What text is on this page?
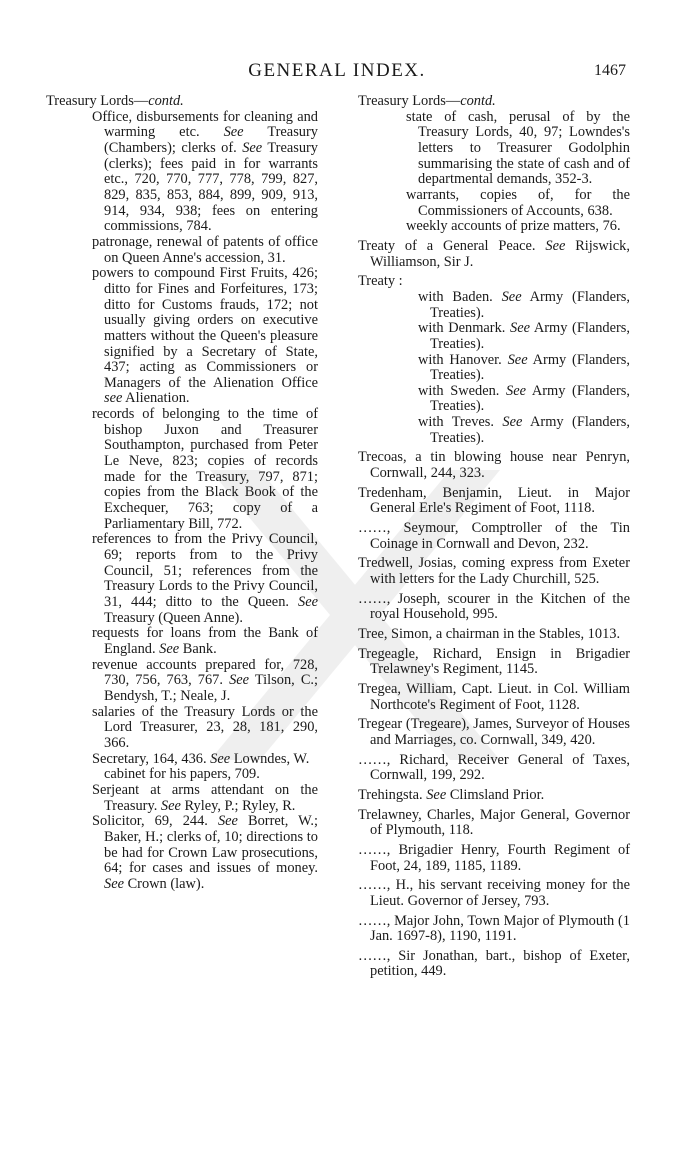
GENERAL INDEX.	1467

Treasury Lords—contd.

Office, disbursements for cleaning and warming etc. See Treasury (Chambers); clerks of. See Treasury (clerks); fees paid in for warrants etc., 720, 770, 777, 778, 799, 827, 829, 835, 853, 884, 899, 909, 913, 914, 934, 938; fees on entering commissions, 784.

patronage, renewal of patents of office on Queen Anne's accession, 31.

powers to compound First Fruits, 426; ditto for Fines and Forfeitures, 173; ditto for Customs frauds, 172; not usually giving orders on executive matters without the Queen's pleasure signified by a Secretary of State, 437; acting as Commissioners or Managers of the Alienation Office see Alienation.

records of belonging to the time of bishop Juxon and Treasurer Southampton, purchased from Peter Le Neve, 823; copies of records made for the Treasury, 797, 871; copies from the Black Book of the Exchequer, 763; copy of a Parliamentary Bill, 772.

references to from the Privy Council, 69; reports from to the Privy Council, 51; references from the Treasury Lords to the Privy Council, 31, 444; ditto to the Queen. See Treasury (Queen Anne).

requests for loans from the Bank of England. See Bank.

revenue accounts prepared for, 728, 730, 756, 763, 767. See Tilson, C.; Bendysh, T.; Neale, J.

salaries of the Treasury Lords or the Lord Treasurer, 23, 28, 181, 290, 366.

Secretary, 164, 436. See Lowndes, W.

cabinet for his papers, 709.

Serjeant at arms attendant on the Treasury. See Ryley, P.; Ryley, R.

Solicitor, 69, 244. See Borret, W.; Baker, H.; clerks of, 10; directions to be had for Crown Law prosecutions, 64; for cases and issues of money. See Crown (law).

Treasury Lords—contd.

state of cash, perusal of by the Treasury Lords, 40, 97; Lowndes's letters to Treasurer Godolphin summarising the state of cash and of departmental demands, 352-3.

warrants, copies of, for the Commissioners of Accounts, 638.

weekly accounts of prize matters, 76.

Treaty of a General Peace. See Rijswick, Williamson, Sir J.

Treaty :

with Baden. See Army (Flanders, Treaties).

with Denmark. See Army (Flanders, Treaties).

with Hanover. See Army (Flanders, Treaties).

with Sweden. See Army (Flanders, Treaties).

with Treves. See Army (Flanders, Treaties).

Trecoas, a tin blowing house near Penryn, Cornwall, 244, 323.

Tredenham, Benjamin, Lieut. in Major General Erle's Regiment of Foot, 1118.

……, Seymour, Comptroller of the Tin Coinage in Cornwall and Devon, 232.

Tredwell, Josias, coming express from Exeter with letters for the Lady Churchill, 525.

……, Joseph, scourer in the Kitchen of the royal Household, 995.

Tree, Simon, a chairman in the Stables, 1013.

Tregeagle, Richard, Ensign in Brigadier Trelawney's Regiment, 1145.

Tregea, William, Capt. Lieut. in Col. William Northcote's Regiment of Foot, 1128.

Tregear (Tregeare), James, Surveyor of Houses and Marriages, co. Cornwall, 349, 420.

……, Richard, Receiver General of Taxes, Cornwall, 199, 292.

Trehingsta. See Climsland Prior.

Trelawney, Charles, Major General, Governor of Plymouth, 118.

……, Brigadier Henry, Fourth Regiment of Foot, 24, 189, 1185, 1189.

……, H., his servant receiving money for the Lieut. Governor of Jersey, 793.

……, Major John, Town Major of Plymouth (1 Jan. 1697-8), 1190, 1191.

……, Sir Jonathan, bart., bishop of Exeter, petition, 449.
